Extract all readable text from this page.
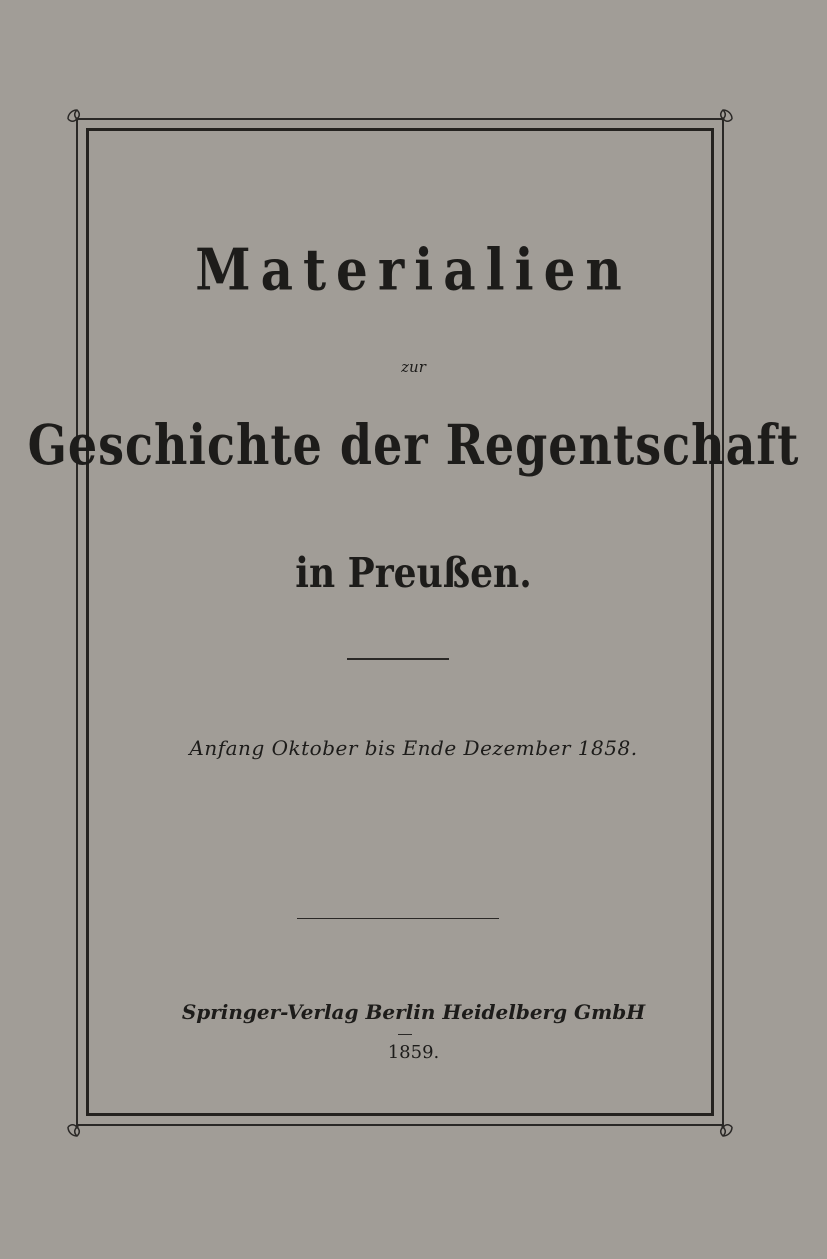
Materialien
zur
Geschichte der Regentschaft
in Preußen.
Anfang Oktober bis Ende Dezember 1858.
Springer-Verlag Berlin Heidelberg GmbH
1859.
